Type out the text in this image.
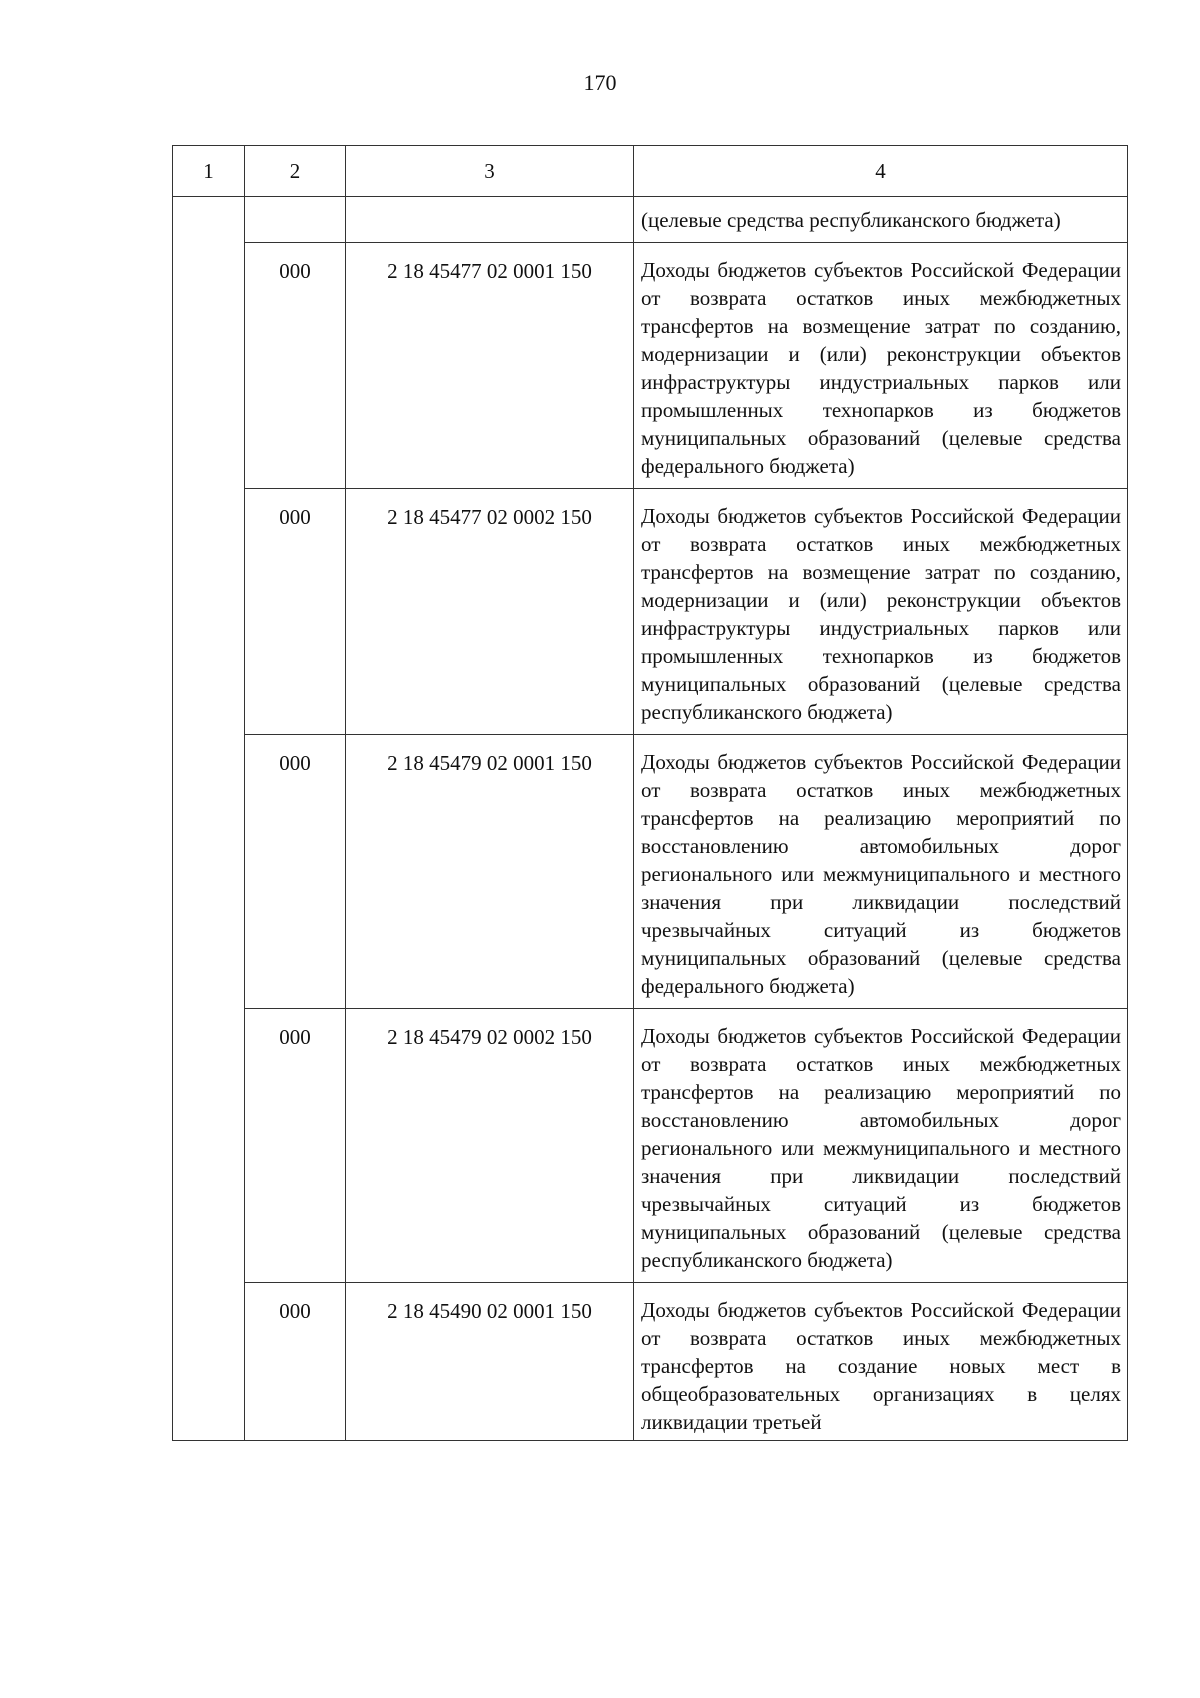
170
1	2	3	4
			(целевые средства республиканского бюджета)
	000	2 18 45477 02 0001 150	Доходы бюджетов субъектов Российской Федерации от возврата остатков иных межбюджетных трансфертов на возмещение затрат по созданию, модернизации и (или) реконструкции объектов инфраструктуры индустриальных парков или промышленных технопарков из бюджетов муниципальных образований (целевые средства федерального бюджета)
	000	2 18 45477 02 0002 150	Доходы бюджетов субъектов Российской Федерации от возврата остатков иных межбюджетных трансфертов на возмещение затрат по созданию, модернизации и (или) реконструкции объектов инфраструктуры индустриальных парков или промышленных технопарков из бюджетов муниципальных образований (целевые средства республиканского бюджета)
	000	2 18 45479 02 0001 150	Доходы бюджетов субъектов Российской Федерации от возврата остатков иных межбюджетных трансфертов на реализацию мероприятий по восстановлению автомобильных дорог регионального или межмуниципального и местного значения при ликвидации последствий чрезвычайных ситуаций из бюджетов муниципальных образований (целевые средства федерального бюджета)
	000	2 18 45479 02 0002 150	Доходы бюджетов субъектов Российской Федерации от возврата остатков иных межбюджетных трансфертов на реализацию мероприятий по восстановлению автомобильных дорог регионального или межмуниципального и местного значения при ликвидации последствий чрезвычайных ситуаций из бюджетов муниципальных образований (целевые средства республиканского бюджета)
	000	2 18 45490 02 0001 150	Доходы бюджетов субъектов Российской Федерации от возврата остатков иных межбюджетных трансфертов на создание новых мест в общеобразовательных организациях в целях ликвидации третьей
